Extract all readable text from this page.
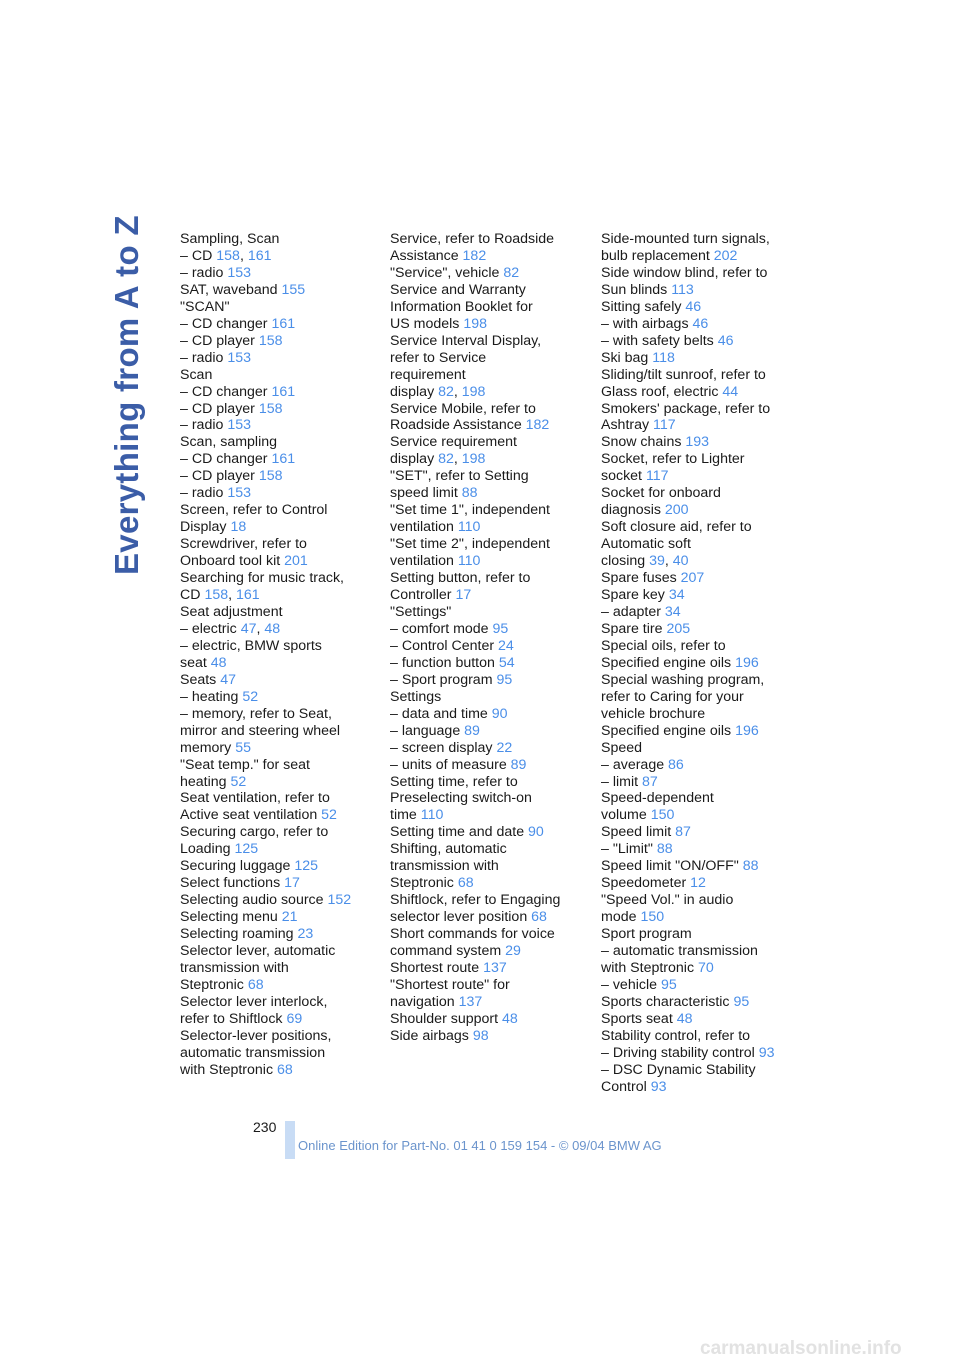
Everything from A to Z Sampling, Scan
– CD 158, 161
– radio 153
SAT, waveband 155
"SCAN"
– CD changer 161
– CD player 158
– radio 153
Scan
– CD changer 161
– CD player 158
– radio 153
Scan, sampling
– CD changer 161
– CD player 158
– radio 153
Screen, refer to Control
Display 18
Screwdriver, refer to
Onboard tool kit 201
Searching for music track,
CD 158, 161
Seat adjustment
– electric 47, 48
– electric, BMW sports
seat 48
Seats 47
– heating 52
– memory, refer to Seat,
mirror and steering wheel
memory 55
"Seat temp." for seat
heating 52
Seat ventilation, refer to
Active seat ventilation 52
Securing cargo, refer to
Loading 125
Securing luggage 125
Select functions 17
Selecting audio source 152
Selecting menu 21
Selecting roaming 23
Selector lever, automatic
transmission with
Steptronic 68
Selector lever interlock,
refer to Shiftlock 69
Selector-lever positions,
automatic transmission
with Steptronic 68
Service, refer to Roadside
Assistance 182
"Service", vehicle 82
Service and Warranty
Information Booklet for
US models 198
Service Interval Display,
refer to Service
requirement
display 82, 198
Service Mobile, refer to
Roadside Assistance 182
Service requirement
display 82, 198
"SET", refer to Setting
speed limit 88
"Set time 1", independent
ventilation 110
"Set time 2", independent
ventilation 110
Setting button, refer to
Controller 17
"Settings"
– comfort mode 95
– Control Center 24
– function button 54
– Sport program 95
Settings
– data and time 90
– language 89
– screen display 22
– units of measure 89
Setting time, refer to
Preselecting switch-on
time 110
Setting time and date 90
Shifting, automatic
transmission with
Steptronic 68
Shiftlock, refer to Engaging
selector lever position 68
Short commands for voice
command system 29
Shortest route 137
"Shortest route" for
navigation 137
Shoulder support 48
Side airbags 98
Side-mounted turn signals,
bulb replacement 202
Side window blind, refer to
Sun blinds 113
Sitting safely 46
– with airbags 46
– with safety belts 46
Ski bag 118
Sliding/tilt sunroof, refer to
Glass roof, electric 44
Smokers' package, refer to
Ashtray 117
Snow chains 193
Socket, refer to Lighter
socket 117
Socket for onboard
diagnosis 200
Soft closure aid, refer to
Automatic soft
closing 39, 40
Spare fuses 207
Spare key 34
– adapter 34
Spare tire 205
Special oils, refer to
Specified engine oils 196
Special washing program,
refer to Caring for your
vehicle brochure
Specified engine oils 196
Speed
– average 86
– limit 87
Speed-dependent
volume 150
Speed limit 87
– "Limit" 88
Speed limit "ON/OFF" 88
Speedometer 12
"Speed Vol." in audio
mode 150
Sport program
– automatic transmission
with Steptronic 70
– vehicle 95
Sports characteristic 95
Sports seat 48
Stability control, refer to
– Driving stability control 93
– DSC Dynamic Stability
Control 93
230
Online Edition for Part-No. 01 41 0 159 154 - © 09/04 BMW AG
carmanualsonline.info
